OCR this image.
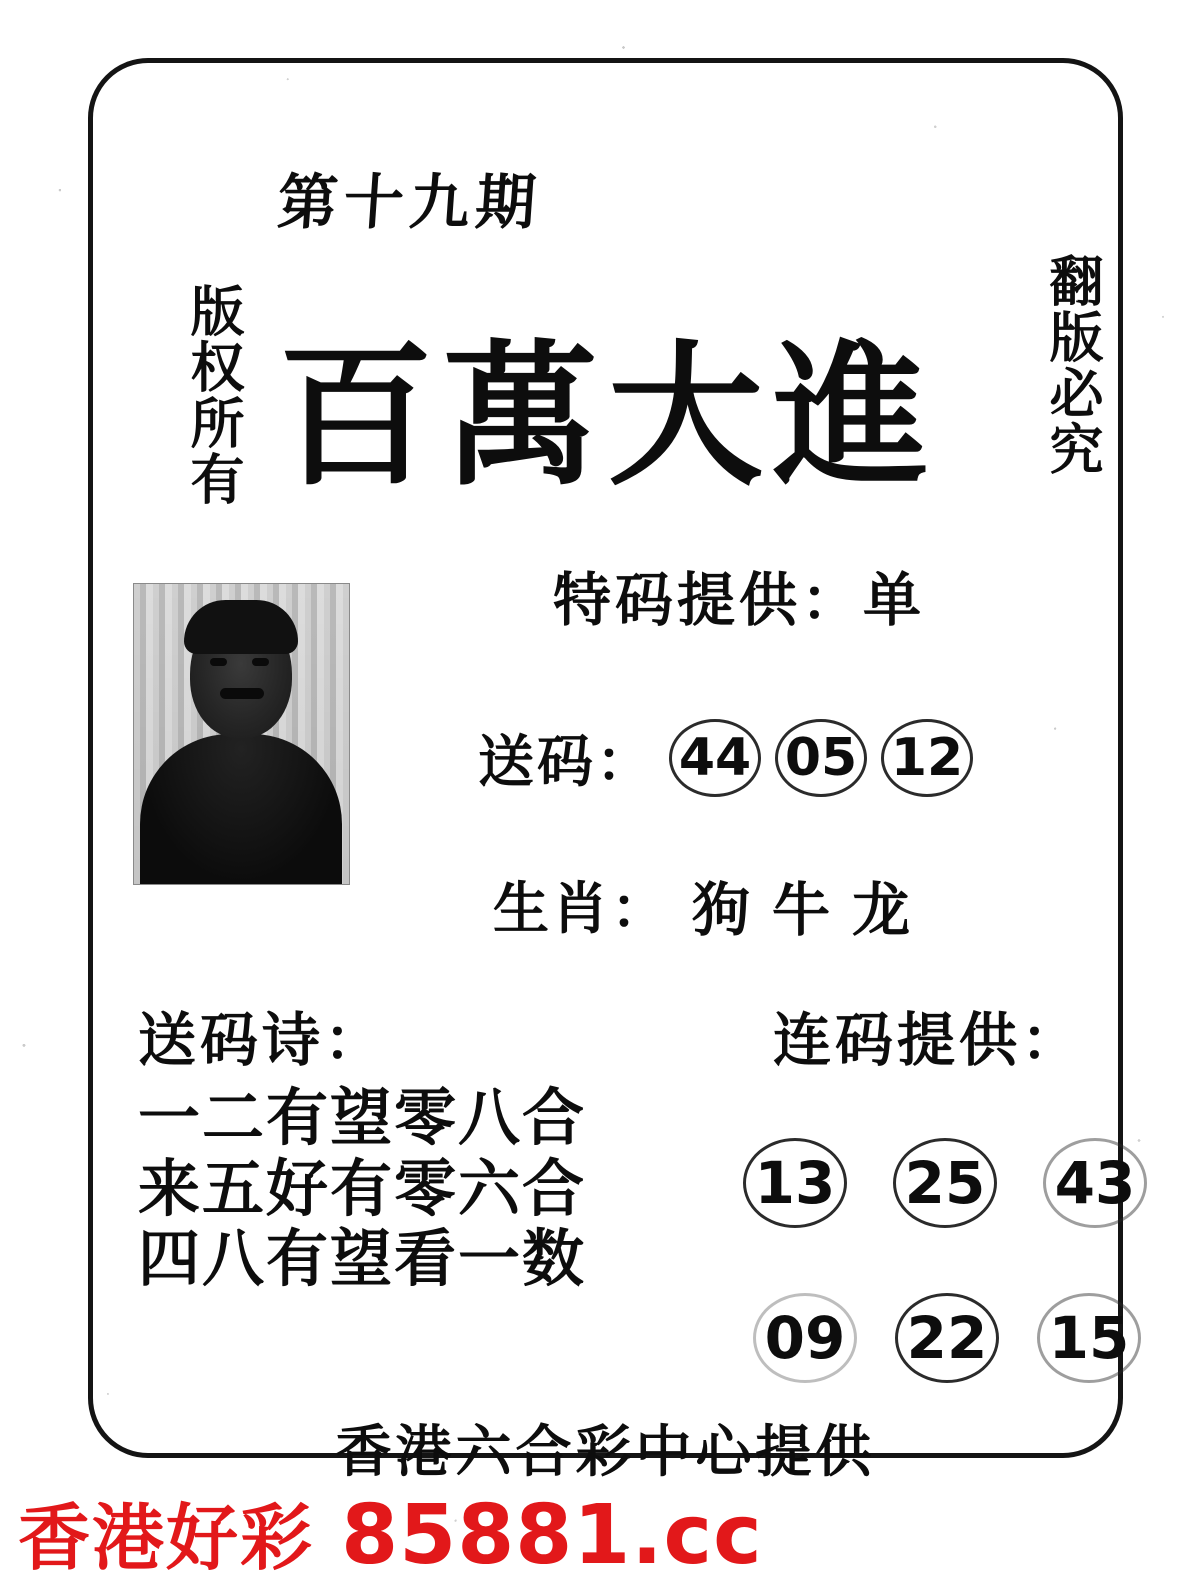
第十九期
版权所有	翻版必究
百萬大進
特码提供：单
送码： 44 05 12
生肖： 狗 牛 龙
送码诗：
一二有望零八合
来五好有零六合
四八有望看一数
连码提供：
13 25 43
09 22 15
香港六合彩中心提供
香港好彩 85881.cc
